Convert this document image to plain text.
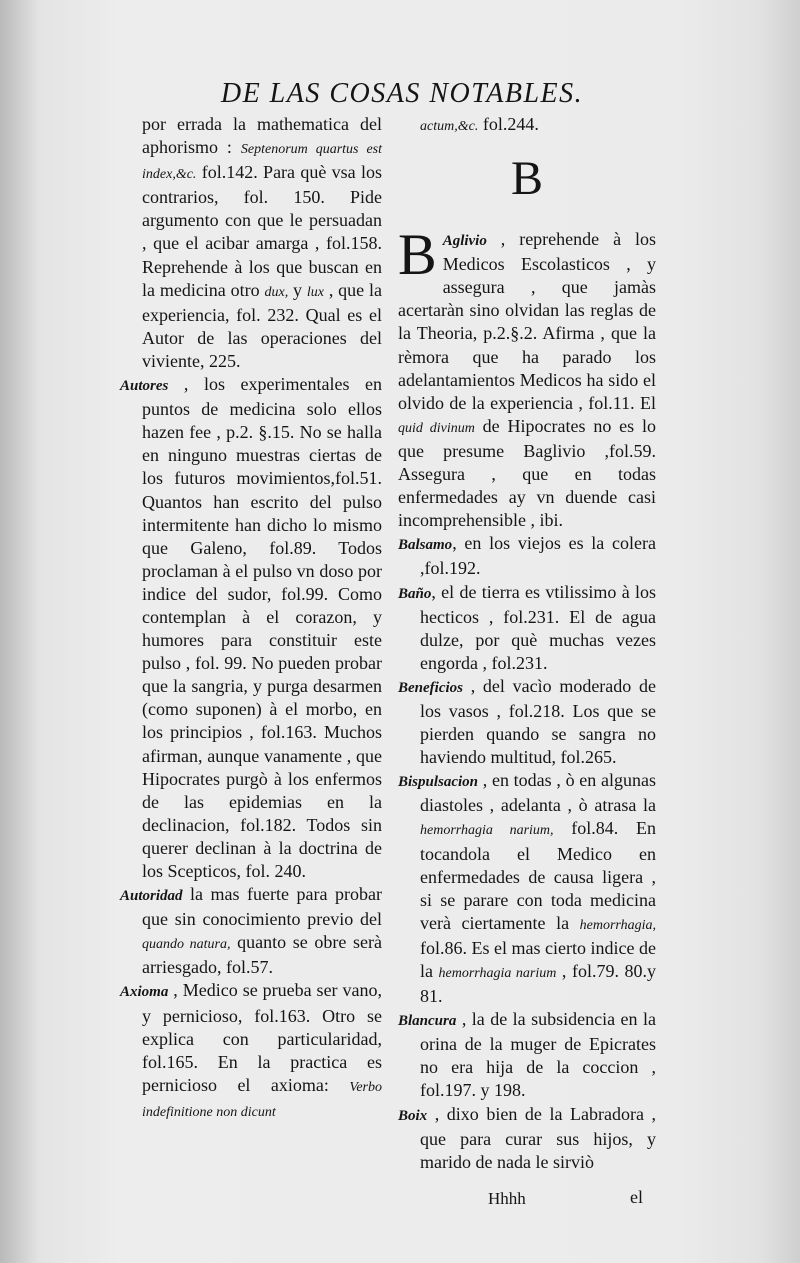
DE LAS COSAS NOTABLES.

por errada la mathematica del aphorismo : Septenorum quartus est index,&c. fol.142. Para què vsa los contrarios, fol. 150. Pide argumento con que le persuadan , que el acibar amarga , fol.158. Reprehende à los que buscan en la medicina otro dux, y lux , que la experiencia, fol. 232. Qual es el Autor de las operaciones del viviente, 225.

Autores , los experimentales en puntos de medicina solo ellos hazen fee , p.2. §.15. No se halla en ninguno muestras ciertas de los futuros movimientos,fol.51. Quantos han escrito del pulso intermitente han dicho lo mismo que Galeno, fol.89. Todos proclaman à el pulso vn doso por indice del sudor, fol.99. Como contemplan à el corazon, y humores para constituir este pulso , fol. 99. No pueden probar que la sangria, y purga desarmen (como suponen) à el morbo, en los principios , fol.163. Muchos afirman, aunque vanamente , que Hipocrates purgò à los enfermos de las epidemias en la declinacion, fol.182. Todos sin querer declinan à la doctrina de los Scepticos, fol. 240.

Autoridad la mas fuerte para probar que sin conocimiento previo del quando natura, quanto se obre serà arriesgado, fol.57.

Axioma , Medico se prueba ser vano, y pernicioso, fol.163. Otro se explica con particularidad, fol.165. En la practica es pernicioso el axioma: Verbo indefinitione non dicunt

actum,&c. fol.244.

B

B Aglivio , reprehende à los Medicos Escolasticos , y assegura , que jamàs acertaràn sino olvidan las reglas de la Theoria, p.2.§.2. Afirma , que la rèmora que ha parado los adelantamientos Medicos ha sido el olvido de la experiencia , fol.11. El quid divinum de Hipocrates no es lo que presume Baglivio ,fol.59. Assegura , que en todas enfermedades ay vn duende casi incomprehensible , ibi.

Balsamo, en los viejos es la colera ,fol.192.

Baño, el de tierra es vtilissimo à los hecticos , fol.231. El de agua dulze, por què muchas vezes engorda , fol.231.

Beneficios , del vacìo moderado de los vasos , fol.218. Los que se pierden quando se sangra no haviendo multitud, fol.265.

Bispulsacion , en todas , ò en algunas diastoles , adelanta , ò atrasa la hemorrhagia narium, fol.84. En tocandola el Medico en enfermedades de causa ligera , si se parare con toda medicina verà ciertamente la hemorrhagia, fol.86. Es el mas cierto indice de la hemorrhagia narium , fol.79. 80.y 81.

Blancura , la de la subsidencia en la orina de la muger de Epicrates no era hija de la coccion , fol.197. y 198.

Boix , dixo bien de la Labradora , que para curar sus hijos, y marido de nada le sirviò

Hhhh	el
